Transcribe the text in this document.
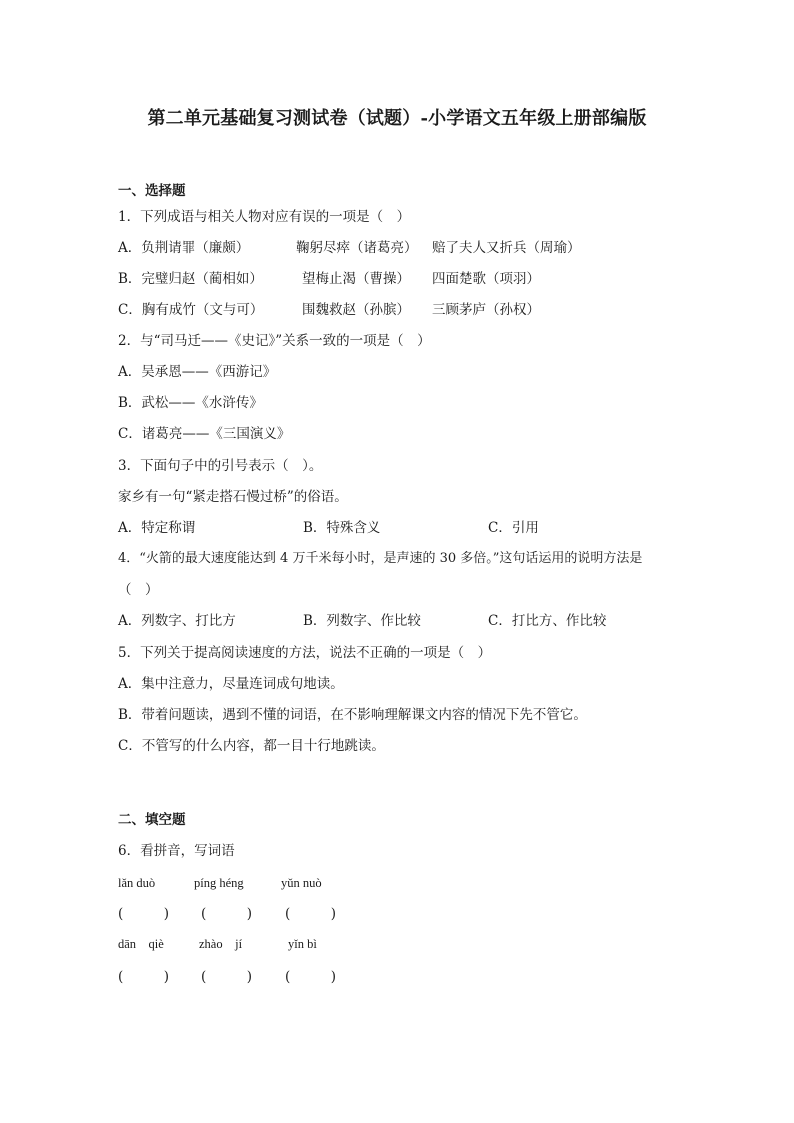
第二单元基础复习测试卷（试题）-小学语文五年级上册部编版
一、选择题
1．下列成语与相关人物对应有误的一项是（　）
A．负荆请罪（廉颇）	鞠躬尽瘁（诸葛亮） 赔了夫人又折兵（周瑜）
B．完璧归赵（蔺相如）	望梅止渴（曹操） 四面楚歌（项羽）
C．胸有成竹（文与可）	围魏救赵（孙膑） 三顾茅庐（孙权）
2．与“司马迁——《史记》”关系一致的一项是（　）
A．吴承恩——《西游记》
B．武松——《水浒传》
C．诸葛亮——《三国演义》
3．下面句子中的引号表示（　）。
家乡有一句“紧走搭石慢过桥”的俗语。
A．特定称谓	B．特殊含义	C．引用
4．“火箭的最大速度能达到 4 万千米每小时，是声速的 30 多倍。”这句话运用的说明方法是
（　）
A．列数字、打比方	B．列数字、作比较	C．打比方、作比较
5．下列关于提高阅读速度的方法，说法不正确的一项是（　）
A．集中注意力，尽量连词成句地读。
B．带着问题读，遇到不懂的词语，在不影响理解课文内容的情况下先不管它。
C．不管写的什么内容，都一目十行地跳读。
二、填空题
6．看拼音，写词语
lǎn duò	píng héng	yǔn nuò
(　　　) (　　　) (　　　)
dān　qiè	zhào　jí	yǐn bì
(　　　) (　　　) (　　　)
